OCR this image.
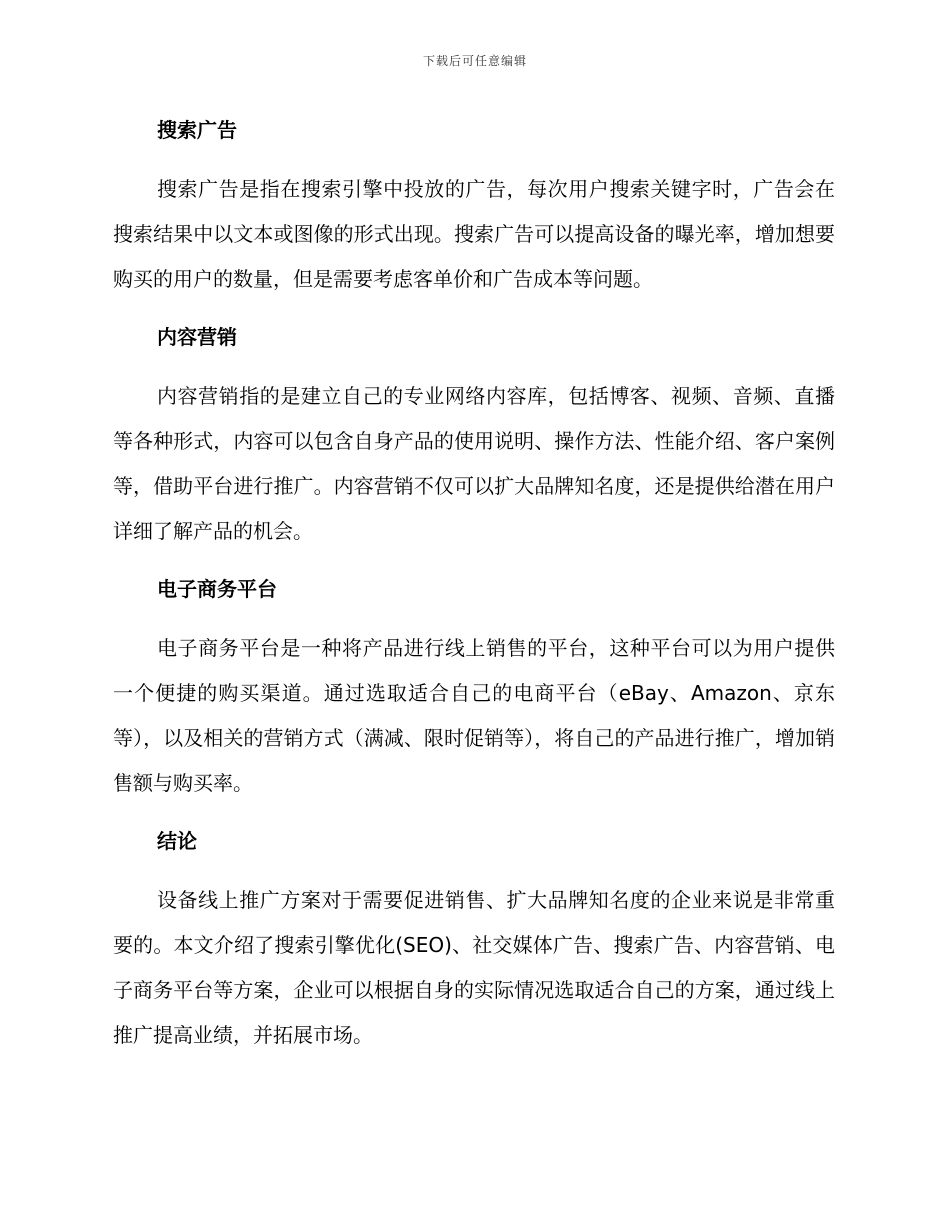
下载后可任意编辑
搜索广告

搜索广告是指在搜索引擎中投放的广告，每次用户搜索关键字时，广告会在搜索结果中以文本或图像的形式出现。搜索广告可以提高设备的曝光率，增加想要购买的用户的数量，但是需要考虑客单价和广告成本等问题。

内容营销

内容营销指的是建立自己的专业网络内容库，包括博客、视频、音频、直播等各种形式，内容可以包含自身产品的使用说明、操作方法、性能介绍、客户案例等，借助平台进行推广。内容营销不仅可以扩大品牌知名度，还是提供给潜在用户详细了解产品的机会。

电子商务平台

电子商务平台是一种将产品进行线上销售的平台，这种平台可以为用户提供一个便捷的购买渠道。通过选取适合自己的电商平台（eBay、Amazon、京东等），以及相关的营销方式（满减、限时促销等），将自己的产品进行推广，增加销售额与购买率。

结论

设备线上推广方案对于需要促进销售、扩大品牌知名度的企业来说是非常重要的。本文介绍了搜索引擎优化(SEO)、社交媒体广告、搜索广告、内容营销、电子商务平台等方案，企业可以根据自身的实际情况选取适合自己的方案，通过线上推广提高业绩，并拓展市场。
